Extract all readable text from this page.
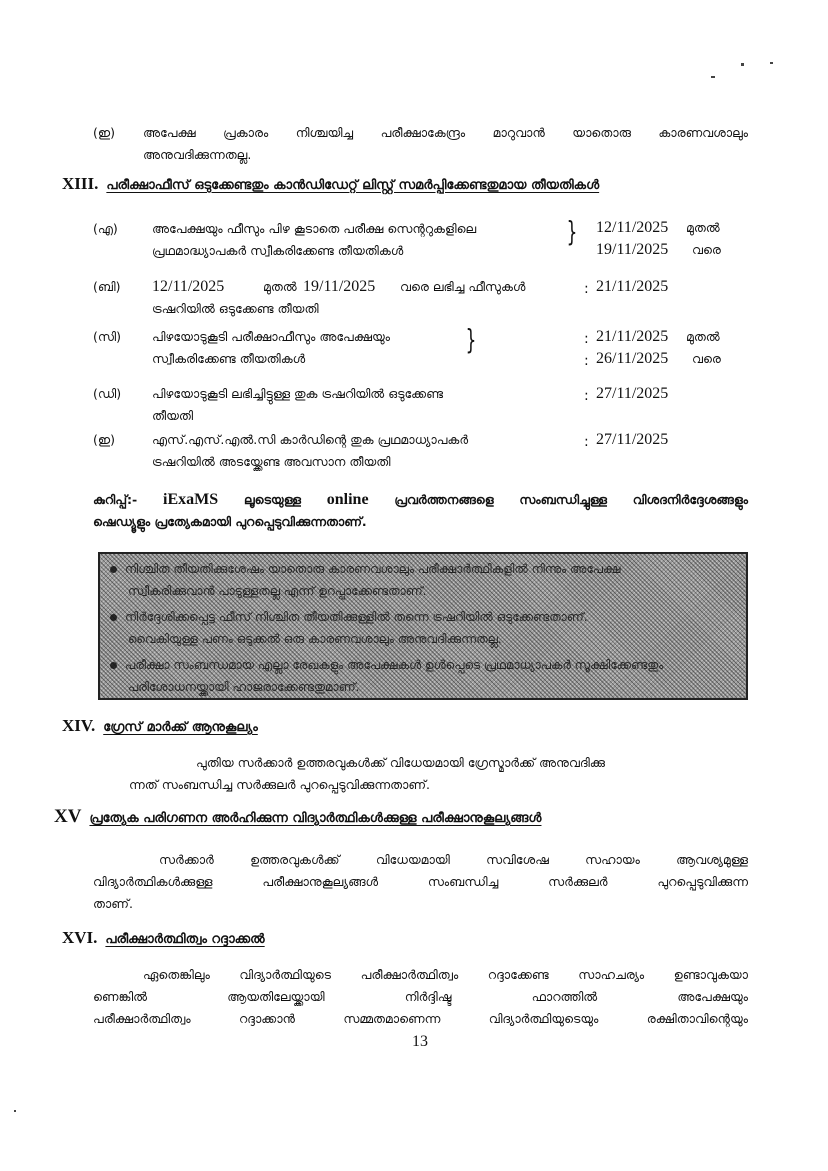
(ഇ) അപേക്ഷ പ്രകാരം നിശ്ചയിച്ച പരീക്ഷാകേന്ദ്രം മാറുവാൻ യാതൊരു കാരണവശാലും
അനുവദിക്കുന്നതല്ല.
XIII. പരീക്ഷാഫീസ് ഒടുക്കേണ്ടതും കാൻഡിഡേറ്റ് ലിസ്റ്റ് സമർപ്പിക്കേണ്ടതുമായ തീയതികൾ
(എ)	അപേക്ഷയും ഫീസും പിഴ കൂടാതെ പരീക്ഷ സെന്ററുകളിലെ
പ്രഥമാദ്ധ്യാപകർ സ്വീകരിക്കേണ്ട തീയതികൾ
} 12/11/2025 മുതൽ
19/11/2025 വരെ
(ബി) 12/11/2025	മുതൽ 19/11/2025 വരെ ലഭിച്ച ഫീസുകൾ
ട്രഷറിയിൽ ഒടുക്കേണ്ട തീയതി
: 21/11/2025
(സി) പിഴയോടുകൂടി പരീക്ഷാഫീസും അപേക്ഷയും
സ്വീകരിക്കേണ്ട തീയതികൾ
}	: 21/11/2025 മുതൽ
: 26/11/2025 വരെ
(ഡി) പിഴയോടുകൂടി ലഭിച്ചിട്ടുള്ള തുക ട്രഷറിയിൽ ഒടുക്കേണ്ട
തീയതി
: 27/11/2025
(ഇ)	എസ്.എസ്.എൽ.സി കാർഡിന്റെ തുക പ്രഥമാധ്യാപകർ
ട്രഷറിയിൽ അടയ്ക്കേണ്ട അവസാന തീയതി
: 27/11/2025
കുറിപ്പ്:- iExaMS ലൂടെയുള്ള online പ്രവർത്തനങ്ങളെ സംബന്ധിച്ചുള്ള വിശദനിർദ്ദേശങ്ങളും
ഷെഡ്യൂളും പ്രത്യേകമായി പുറപ്പെടുവിക്കുന്നതാണ്.
നിശ്ചിത തീയതിക്കുശേഷം യാതൊരു കാരണവശാലും പരീക്ഷാർത്ഥികളിൽ നിന്നും അപേക്ഷ
സ്വീകരിക്കുവാൻ പാടുള്ളതല്ല എന്ന് ഉറപ്പാക്കേണ്ടതാണ്.
നിർദ്ദേശിക്കപ്പെട്ട ഫീസ് നിശ്ചിത തീയതിക്കുള്ളിൽ തന്നെ ട്രഷറിയിൽ ഒടുക്കേണ്ടതാണ്.
വൈകിയുള്ള പണം ഒടുക്കൽ ഒരു കാരണവശാലും അനുവദിക്കുന്നതല്ല.
പരീക്ഷാ സംബന്ധമായ എല്ലാ രേഖകളും അപേക്ഷകൾ ഉൾപ്പെടെ പ്രഥമാധ്യാപകർ സൂക്ഷിക്കേണ്ടതും
പരിശോധനയ്ക്കായി ഹാജരാക്കേണ്ടതുമാണ്.
XIV. ഗ്രേസ് മാർക്ക് ആനുകൂല്യം
പുതിയ സർക്കാർ ഉത്തരവുകൾക്ക് വിധേയമായി ഗ്രേസ്മാർക്ക് അനുവദിക്കു
ന്നത് സംബന്ധിച്ച സർക്കുലർ പുറപ്പെടുവിക്കുന്നതാണ്.
XV പ്രത്യേക പരിഗണന അർഹിക്കുന്ന വിദ്യാർത്ഥികൾക്കുള്ള പരീക്ഷാനുകൂല്യങ്ങൾ
സർക്കാർ ഉത്തരവുകൾക്ക് വിധേയമായി സവിശേഷ സഹായം ആവശ്യമുള്ള
വിദ്യാർത്ഥികൾക്കുള്ള പരീക്ഷാനുകൂല്യങ്ങൾ സംബന്ധിച്ച സർക്കുലർ പുറപ്പെടുവിക്കുന്ന
താണ്.
XVI. പരീക്ഷാർത്ഥിത്വം റദ്ദാക്കൽ
ഏതെങ്കിലും വിദ്യാർത്ഥിയുടെ പരീക്ഷാർത്ഥിത്വം റദ്ദാക്കേണ്ട സാഹചര്യം ഉണ്ടാവുകയാ
ണെങ്കിൽ ആയതിലേയ്ക്കായി നിർദ്ദിഷ്ട ഫാറത്തിൽ അപേക്ഷയും
പരീക്ഷാർത്ഥിത്വം റദ്ദാക്കാൻ സമ്മതമാണെന്ന വിദ്യാർത്ഥിയുടെയും രക്ഷിതാവിന്റെയും
13
